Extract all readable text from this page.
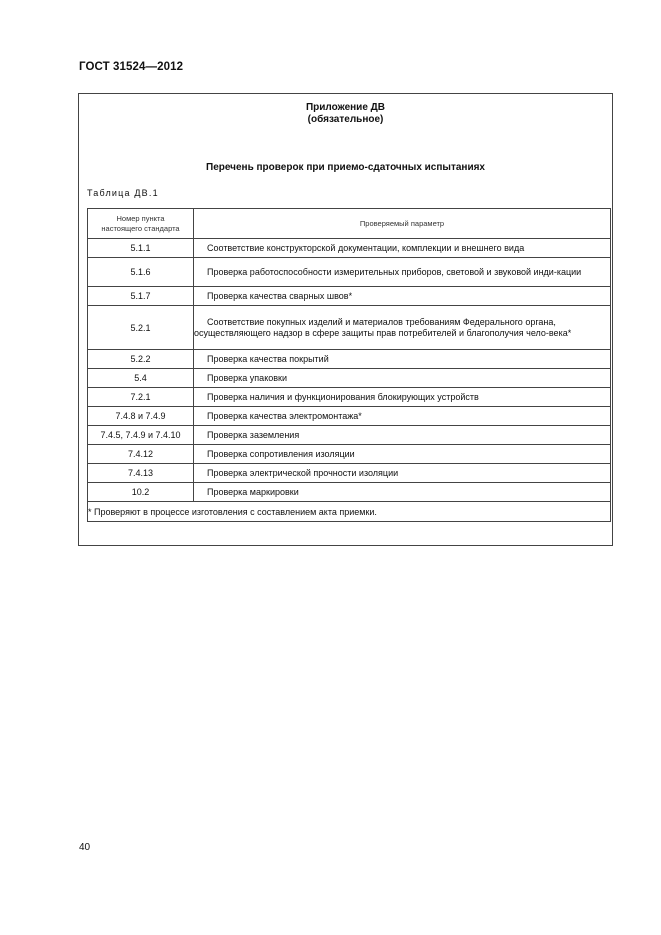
ГОСТ 31524—2012
Приложение ДВ
(обязательное)
Перечень проверок при приемо-сдаточных испытаниях
Таблица ДВ.1
Номер пункта
настоящего стандарта	Проверяемый параметр
5.1.1	Соответствие конструкторской документации, комплекции и внешнего вида
5.1.6	Проверка работоспособности измерительных приборов, световой и звуковой инди-кации
5.1.7	Проверка качества сварных швов*
5.2.1	Соответствие покупных изделий и материалов требованиям Федерального органа, осуществляющего надзор в сфере защиты прав потребителей и благополучия чело-века*
5.2.2	Проверка качества покрытий
5.4	Проверка упаковки
7.2.1	Проверка наличия и функционирования блокирующих устройств
7.4.8 и 7.4.9	Проверка качества электромонтажа*
7.4.5, 7.4.9 и 7.4.10	Проверка заземления
7.4.12	Проверка сопротивления изоляции
7.4.13	Проверка электрической прочности изоляции
10.2	Проверка маркировки
* Проверяют в процессе изготовления с составлением акта приемки.	
40
